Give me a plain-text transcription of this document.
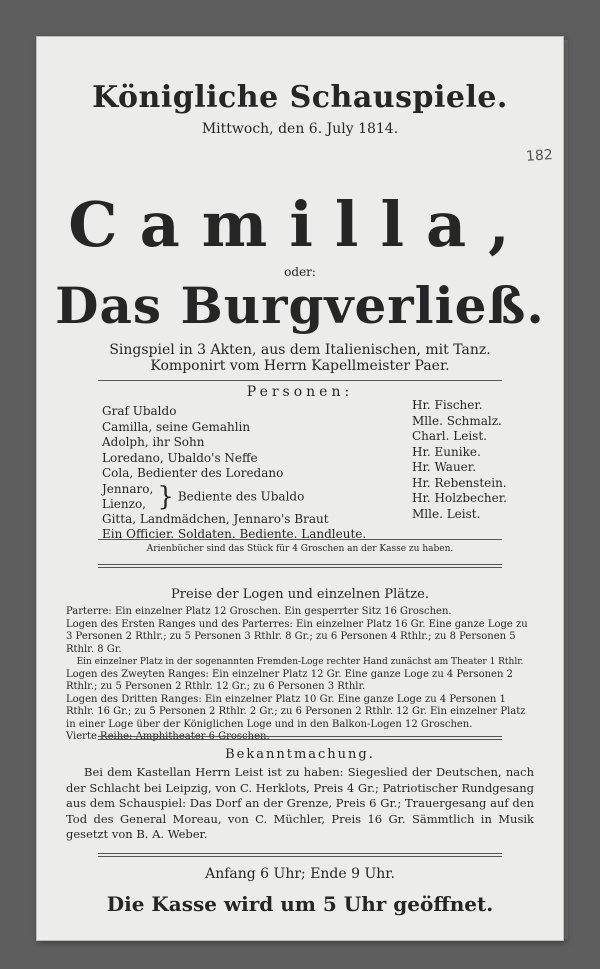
182
Königliche Schauspiele.
Mittwoch, den 6. July 1814.
Camilla,
oder:
Das Burgverließ.
Singspiel in 3 Akten, aus dem Italienischen, mit Tanz.
Komponirt vom Herrn Kapellmeister Paer.
Personen:
Graf Ubaldo
Camilla, seine Gemahlin
Adolph, ihr Sohn
Loredano, Ubaldo's Neffe
Cola, Bedienter des Loredano
Jennaro,
Lienzo, } Bediente des Ubaldo
Gitta, Landmädchen, Jennaro's Braut
Ein Officier. Soldaten. Bediente. Landleute.
Hr. Fischer.
Mlle. Schmalz.
Charl. Leist.
Hr. Eunike.
Hr. Wauer.
Hr. Rebenstein.
Hr. Holzbecher.
Mlle. Leist.
Arienbücher sind das Stück für 4 Groschen an der Kasse zu haben.
Preise der Logen und einzelnen Plätze.
Parterre: Ein einzelner Platz 12 Groschen. Ein gesperrter Sitz 16 Groschen.
Logen des Ersten Ranges und des Parterres: Ein einzelner Platz 16 Gr. Eine ganze Loge zu 3 Personen 2 Rthlr.; zu 5 Personen 3 Rthlr. 8 Gr.; zu 6 Personen 4 Rthlr.; zu 8 Personen 5 Rthlr. 8 Gr.
Ein einzelner Platz in der sogenannten Fremden-Loge rechter Hand zunächst am Theater 1 Rthlr.
Logen des Zweyten Ranges: Ein einzelner Platz 12 Gr. Eine ganze Loge zu 4 Personen 2 Rthlr.; zu 5 Personen 2 Rthlr. 12 Gr.; zu 6 Personen 3 Rthlr.
Logen des Dritten Ranges: Ein einzelner Platz 10 Gr. Eine ganze Loge zu 4 Personen 1 Rthlr. 16 Gr.; zu 5 Personen 2 Rthlr. 2 Gr.; zu 6 Personen 2 Rthlr. 12 Gr. Ein einzelner Platz in einer Loge über der Königlichen Loge und in den Balkon-Logen 12 Groschen.
Vierte Reihe: Amphitheater 6 Groschen.
Bekanntmachung.
Bei dem Kastellan Herrn Leist ist zu haben: Siegeslied der Deutschen, nach der Schlacht bei Leipzig, von C. Herklots, Preis 4 Gr.; Patriotischer Rundgesang aus dem Schauspiel: Das Dorf an der Grenze, Preis 6 Gr.; Trauergesang auf den Tod des General Moreau, von C. Müchler, Preis 16 Gr. Sämmtlich in Musik gesetzt von B. A. Weber.
Anfang 6 Uhr; Ende 9 Uhr.
Die Kasse wird um 5 Uhr geöffnet.
